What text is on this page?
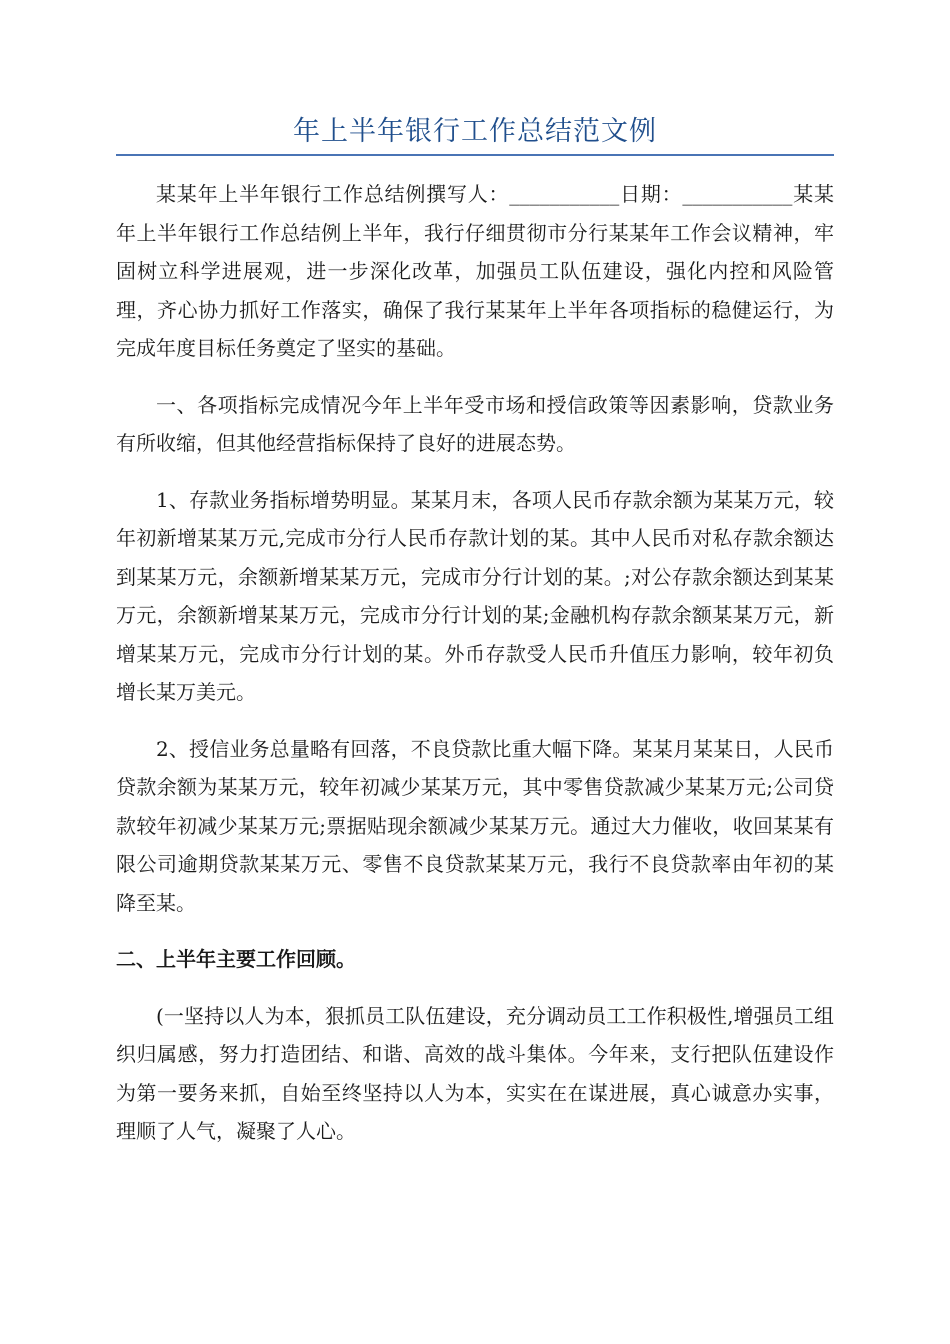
年上半年银行工作总结范文例

某某年上半年银行工作总结例撰写人：___________日期：___________某某年上半年银行工作总结例上半年，我行仔细贯彻市分行某某年工作会议精神，牢固树立科学进展观，进一步深化改革，加强员工队伍建设，强化内控和风险管理，齐心协力抓好工作落实，确保了我行某某年上半年各项指标的稳健运行，为完成年度目标任务奠定了坚实的基础。

一、各项指标完成情况今年上半年受市场和授信政策等因素影响，贷款业务有所收缩，但其他经营指标保持了良好的进展态势。

1、存款业务指标增势明显。某某月末，各项人民币存款余额为某某万元，较年初新增某某万元,完成市分行人民币存款计划的某。其中人民币对私存款余额达到某某万元，余额新增某某万元，完成市分行计划的某。;对公存款余额达到某某万元，余额新增某某万元，完成市分行计划的某;金融机构存款余额某某万元，新增某某万元，完成市分行计划的某。外币存款受人民币升值压力影响，较年初负增长某万美元。

2、授信业务总量略有回落，不良贷款比重大幅下降。某某月某某日，人民币贷款余额为某某万元，较年初减少某某万元，其中零售贷款减少某某万元;公司贷款较年初减少某某万元;票据贴现余额减少某某万元。通过大力催收，收回某某有限公司逾期贷款某某万元、零售不良贷款某某万元，我行不良贷款率由年初的某降至某。

二、上半年主要工作回顾。

(一坚持以人为本，狠抓员工队伍建设，充分调动员工工作积极性,增强员工组织归属感，努力打造团结、和谐、高效的战斗集体。今年来，支行把队伍建设作为第一要务来抓，自始至终坚持以人为本，实实在在谋进展，真心诚意办实事，理顺了人气，凝聚了人心。
